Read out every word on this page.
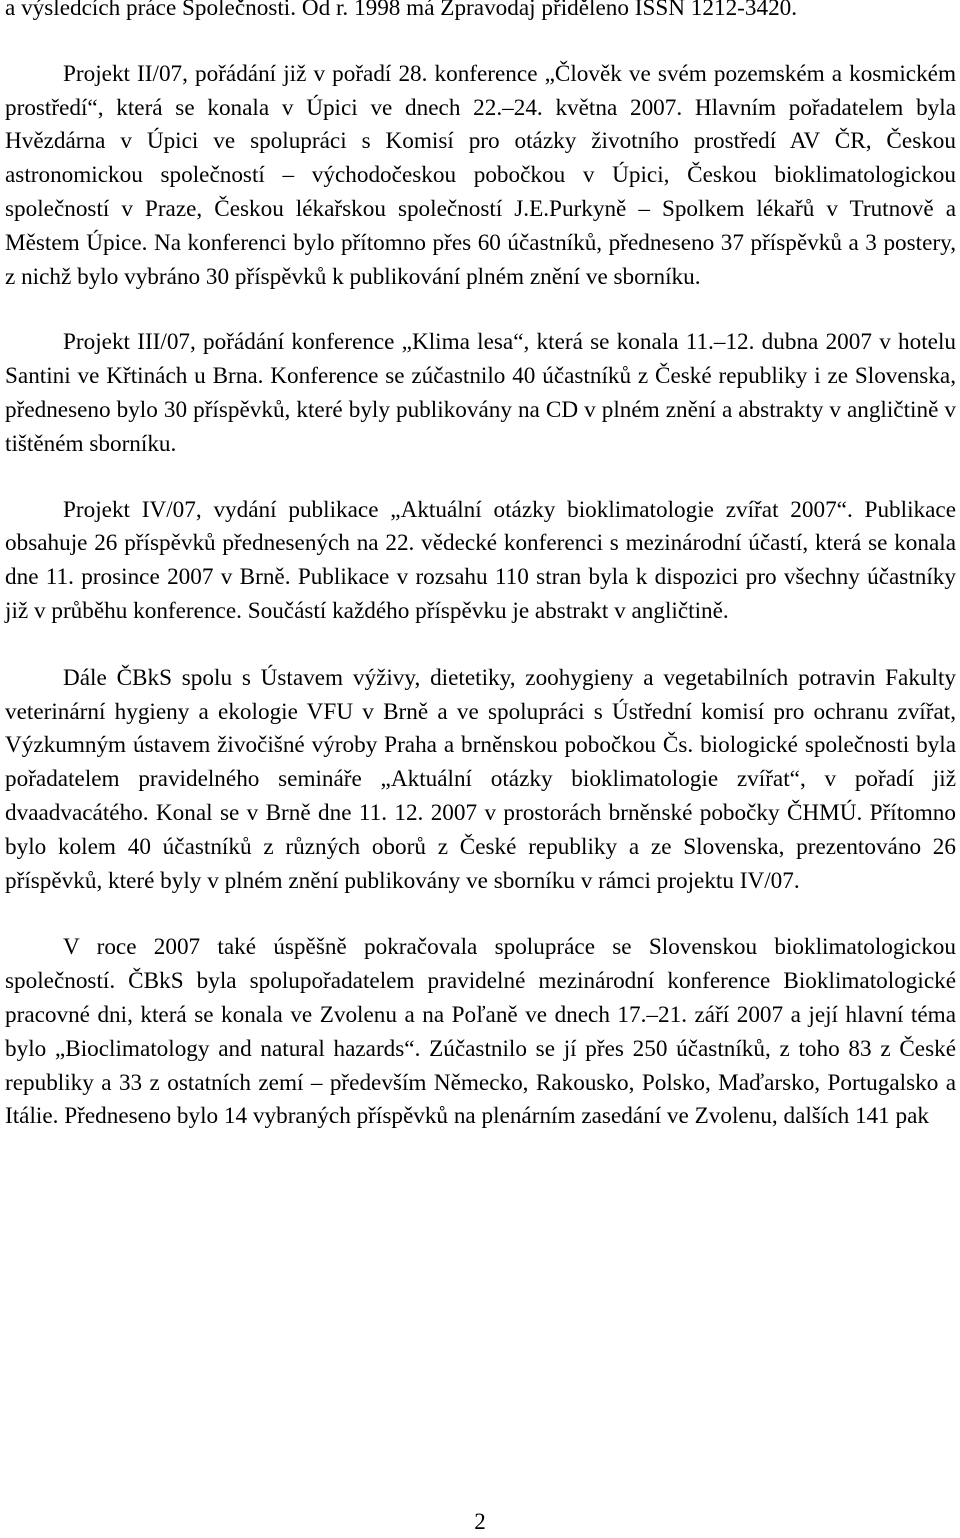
a výsledcích práce Společnosti. Od r. 1998 má Zpravodaj přiděleno ISSN 1212-3420.

Projekt II/07, pořádání již v pořadí 28. konference „Člověk ve svém pozemském a kosmickém prostředí“, která se konala v Úpici ve dnech 22.–24. května 2007. Hlavním pořadatelem byla Hvězdárna v Úpici ve spolupráci s Komisí pro otázky životního prostředí AV ČR, Českou astronomickou společností – východočeskou pobočkou v Úpici, Českou bioklimatologickou společností v Praze, Českou lékařskou společností J.E.Purkyně – Spolkem lékařů v Trutnově a Městem Úpice. Na konferenci bylo přítomno přes 60 účastníků, předneseno 37 příspěvků a 3 postery, z nichž bylo vybráno 30 příspěvků k publikování plném znění ve sborníku.

Projekt III/07, pořádání konference „Klima lesa“, která se konala 11.–12. dubna 2007 v hotelu Santini ve Křtinách u Brna. Konference se zúčastnilo 40 účastníků z České republiky i ze Slovenska, předneseno bylo 30 příspěvků, které byly publikovány na CD v plném znění a abstrakty v angličtině v tištěném sborníku.

Projekt IV/07, vydání publikace „Aktuální otázky bioklimatologie zvířat 2007“. Publikace obsahuje 26 příspěvků přednesených na 22. vědecké konferenci s mezinárodní účastí, která se konala dne 11. prosince 2007 v Brně. Publikace v rozsahu 110 stran byla k dispozici pro všechny účastníky již v průběhu konference. Součástí každého příspěvku je abstrakt v angličtině.

Dále ČBkS spolu s Ústavem výživy, dietetiky, zoohygieny a vegetabilních potravin Fakulty veterinární hygieny a ekologie VFU v Brně a ve spolupráci s Ústřední komisí pro ochranu zvířat, Výzkumným ústavem živočišné výroby Praha a brněnskou pobočkou Čs. biologické společnosti byla pořadatelem pravidelného semináře „Aktuální otázky bioklimatologie zvířat“, v pořadí již dvaadvacátého. Konal se v Brně dne 11. 12. 2007 v prostorách brněnské pobočky ČHMÚ. Přítomno bylo kolem 40 účastníků z různých oborů z České republiky a ze Slovenska, prezentováno 26 příspěvků, které byly v plném znění publikovány ve sborníku v rámci projektu IV/07.

V roce 2007 také úspěšně pokračovala spolupráce se Slovenskou bioklimatologickou společností. ČBkS byla spolupořadatelem pravidelné mezinárodní konference Bioklimatologické pracovné dni, která se konala ve Zvolenu a na Poľaně ve dnech 17.–21. září 2007 a její hlavní téma bylo „Bioclimatology and natural hazards“. Zúčastnilo se jí přes 250 účastníků, z toho 83 z České republiky a 33 z ostatních zemí – především Německo, Rakousko, Polsko, Maďarsko, Portugalsko a Itálie. Předneseno bylo 14 vybraných příspěvků na plenárním zasedání ve Zvolenu, dalších 141 pak

2
